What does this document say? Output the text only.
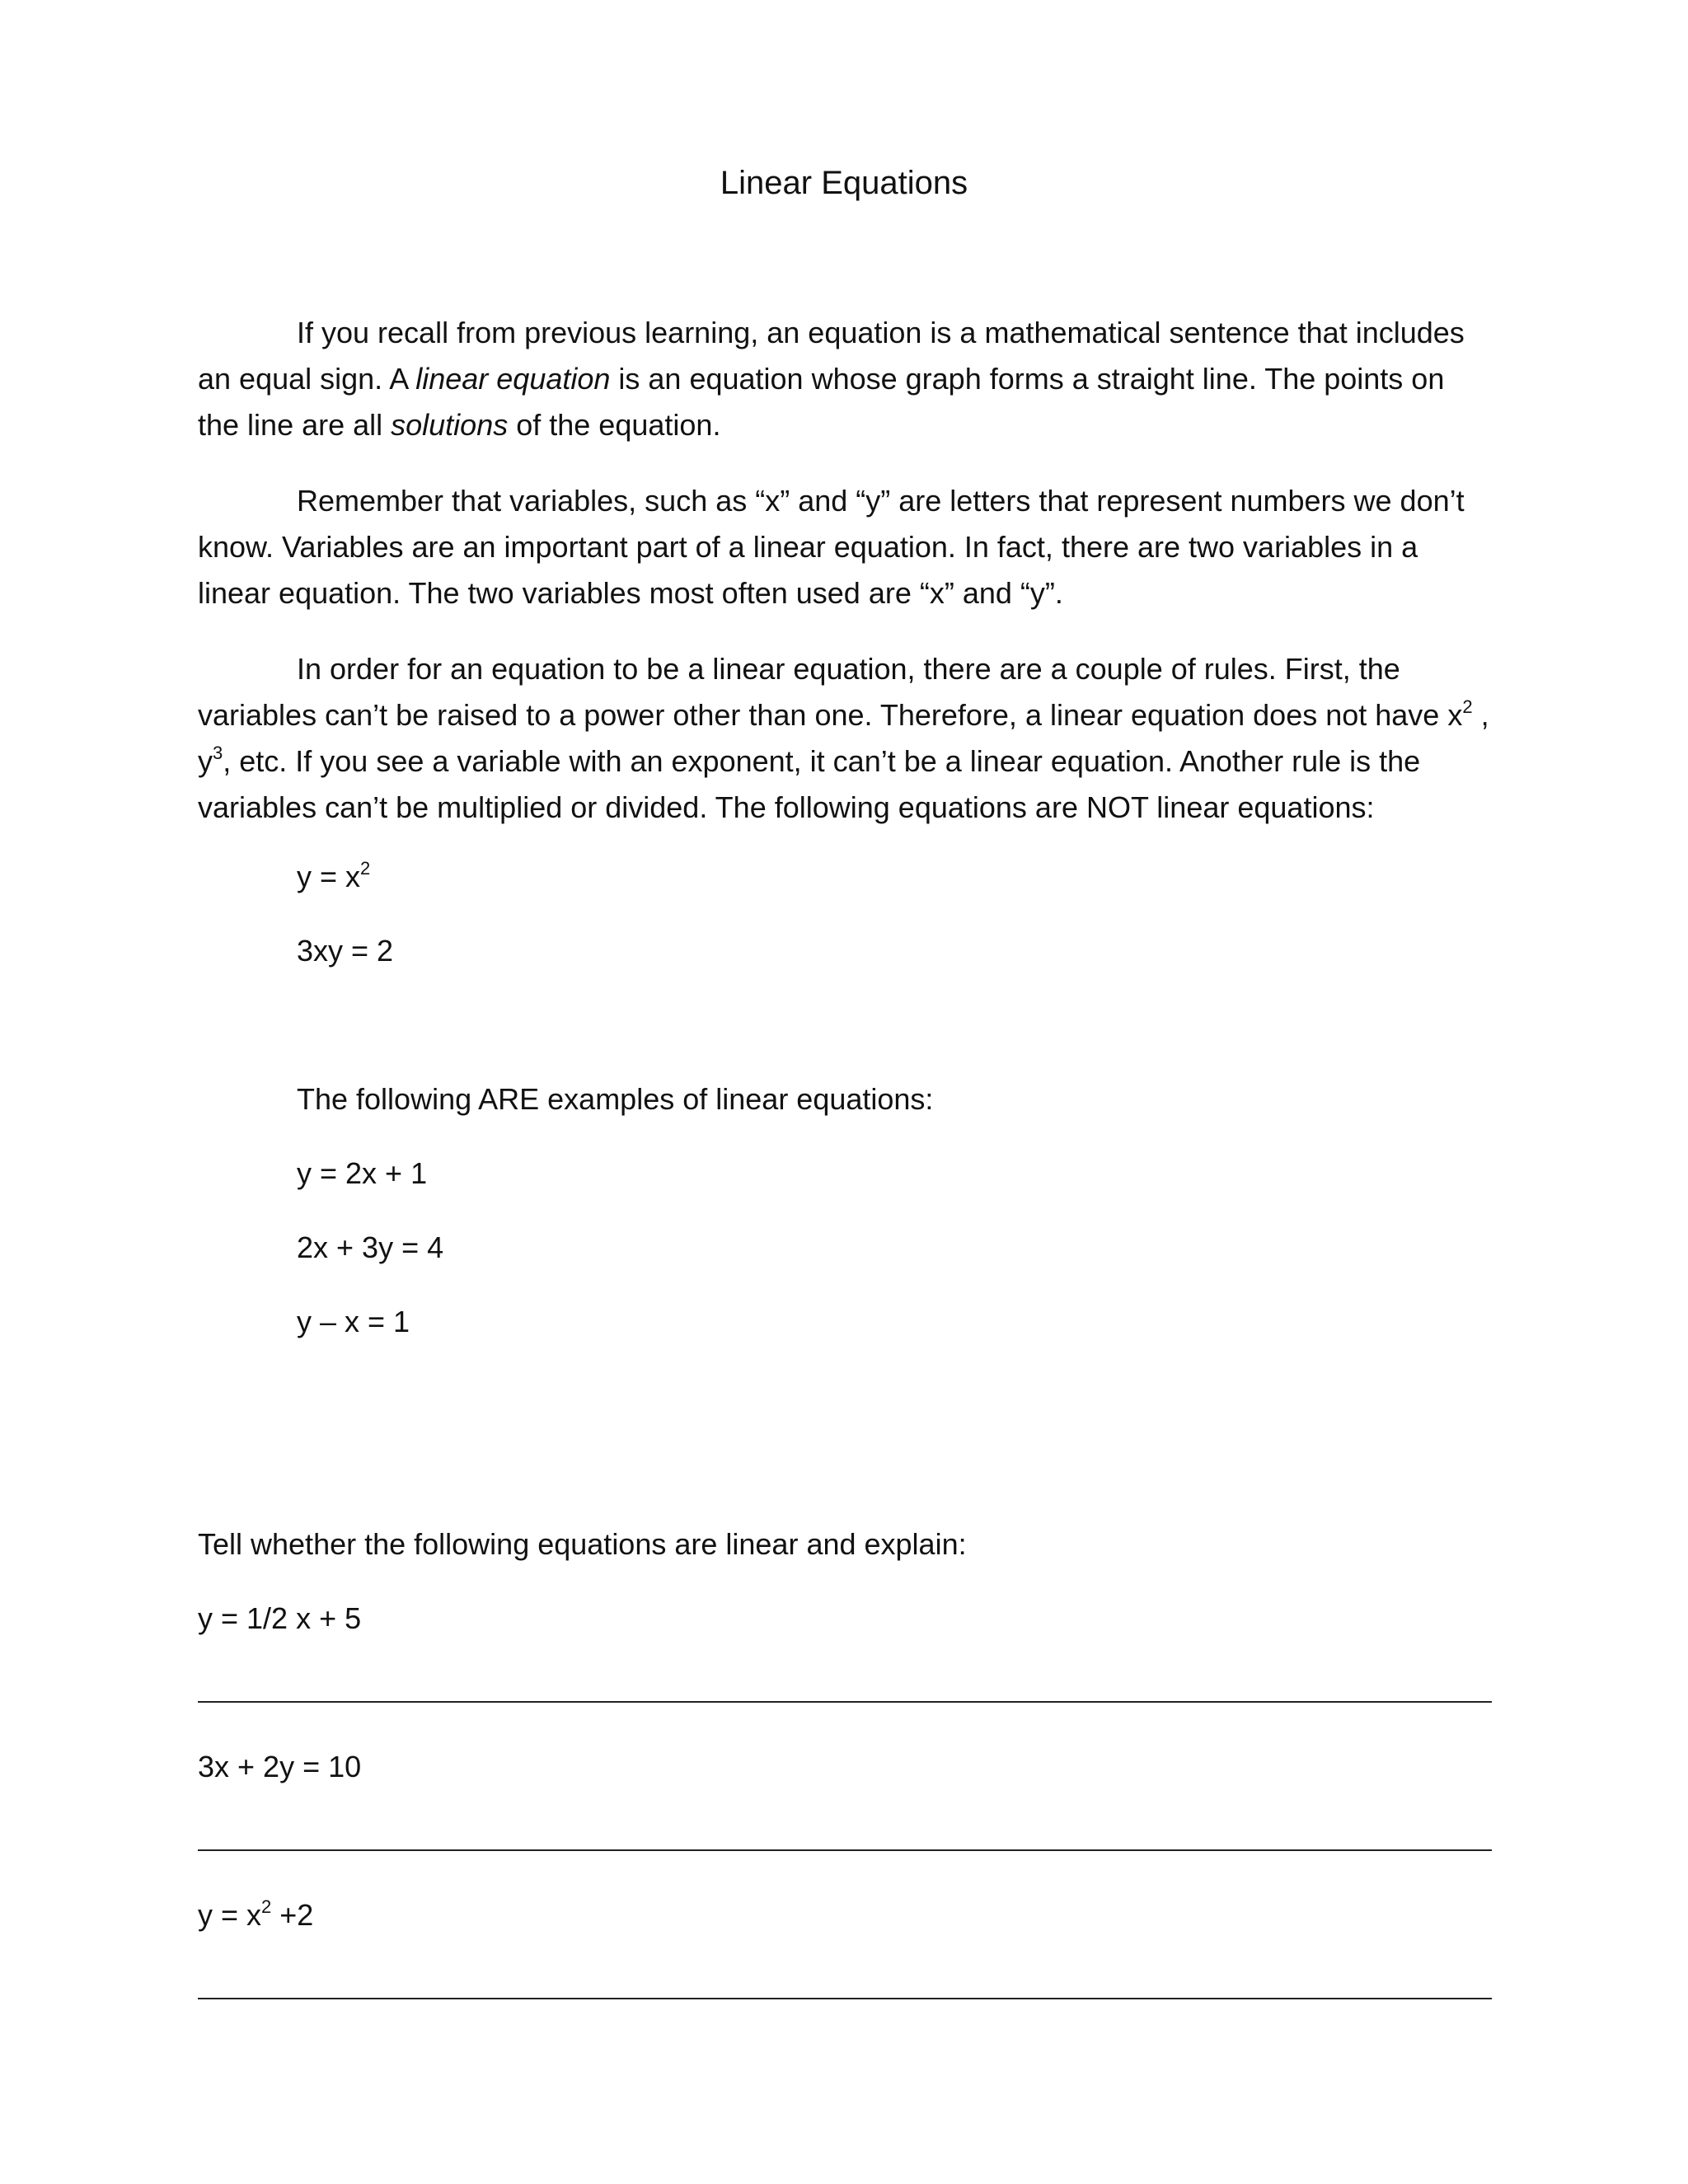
Linear Equations

If you recall from previous learning, an equation is a mathematical sentence that includes an equal sign. A linear equation is an equation whose graph forms a straight line. The points on the line are all solutions of the equation.

Remember that variables, such as “x” and “y” are letters that represent numbers we don’t know. Variables are an important part of a linear equation. In fact, there are two variables in a linear equation. The two variables most often used are “x” and “y”.

In order for an equation to be a linear equation, there are a couple of rules. First, the variables can’t be raised to a power other than one. Therefore, a linear equation does not have $x^2$ , $y^3$, etc. If you see a variable with an exponent, it can’t be a linear equation. Another rule is the variables can’t be multiplied or divided. The following equations are NOT linear equations:

$y = x^2$
3xy = 2
The following ARE examples of linear equations:
y = 2x + 1
2x + 3y = 4
y – x = 1
Tell whether the following equations are linear and explain:
y = 1/2 x + 5
3x + 2y = 10
$y = x^2 +2$
